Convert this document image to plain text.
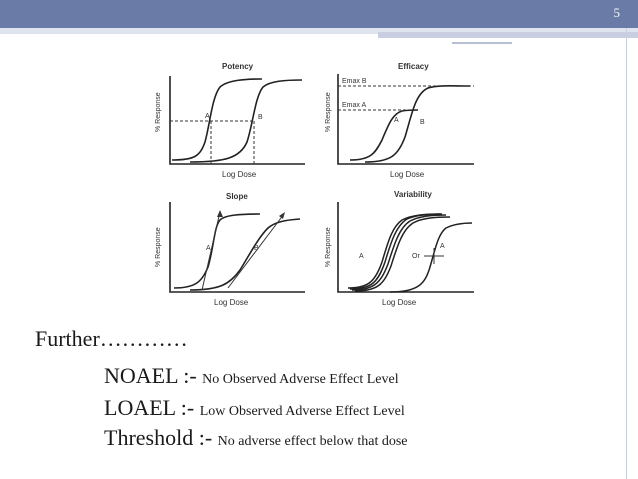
5
Potency
% Response
Log Dose
A	B
Efficacy
% Response
Log Dose
Emax B
Emax A
A	B
Slope
% Response
Log Dose
A	B
Variability
% Response
Log Dose
A	Or
A
Further…………
NOAEL :- No Observed Adverse Effect Level
LOAEL :- Low Observed Adverse Effect Level
Threshold :- No adverse effect below that dose
